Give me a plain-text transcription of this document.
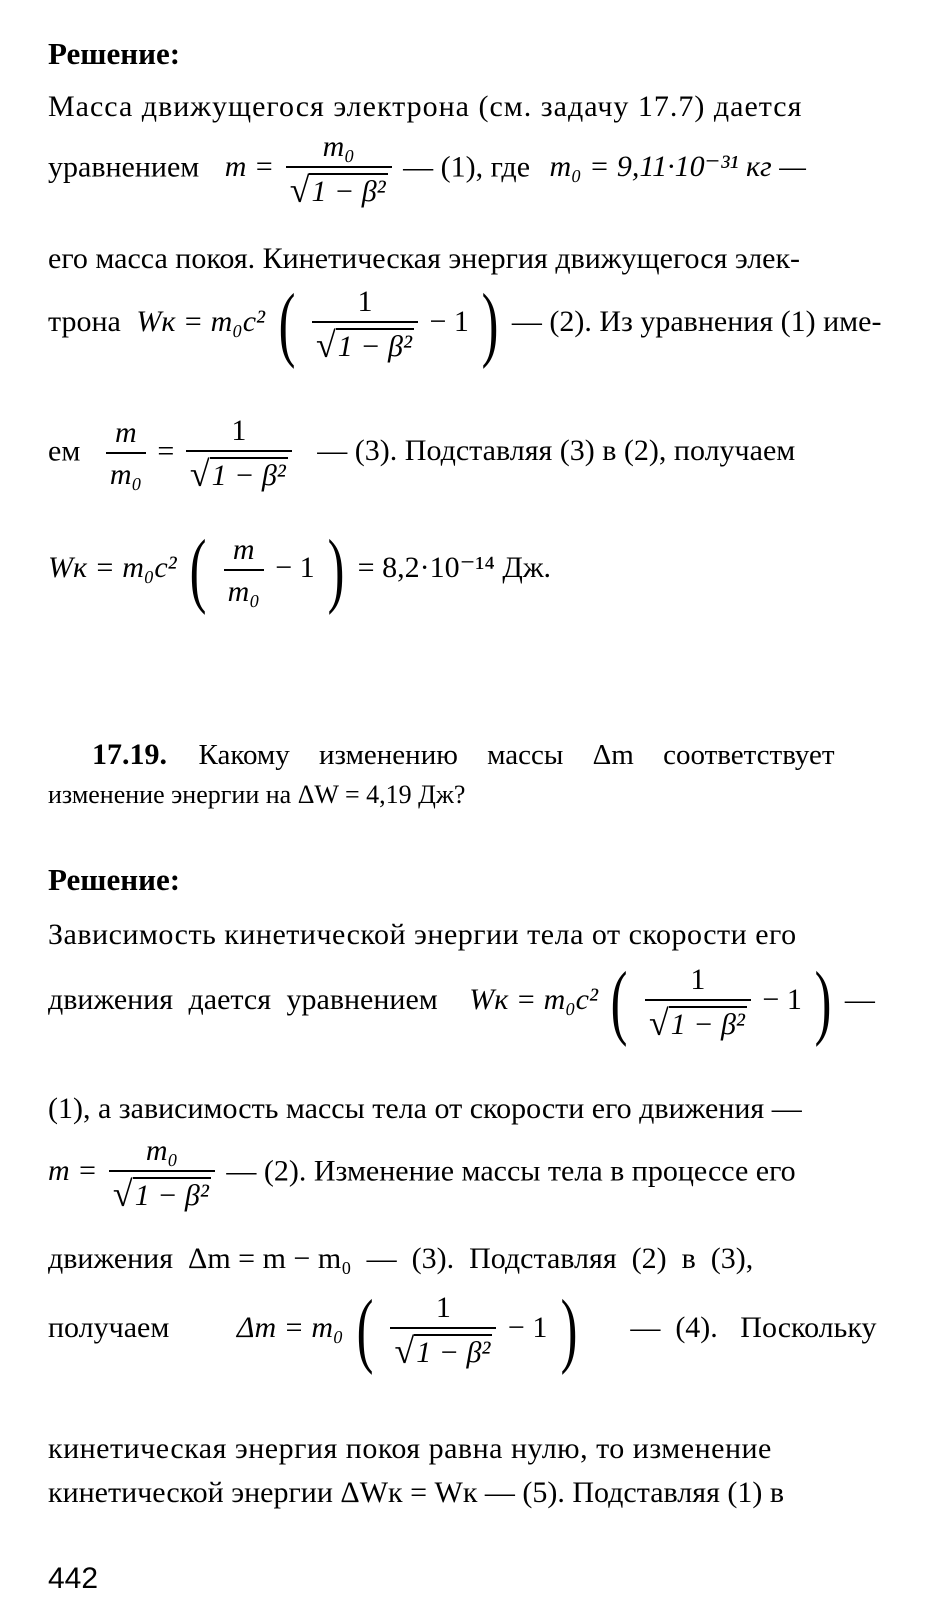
Решение:
Масса движущегося электрона (см. задачу 17.7) дается
уравнением $m = \frac{\text{m₀}}{\text{√ 1 − β²}}$ — (1), где m₀ = 9,11·10⁻³¹ кг —
его масса покоя. Кинетическая энергия движущегося элек-
трона Wк = m₀c² ( $\frac{1}{\text{√ 1 − β²}} - 1$ ) — (2). Из уравнения (1) име-
ем $\frac{m}{\text{m₀}} = \frac{1}{\text{√ 1 − β²}}$ — (3). Подставляя (3) в (2), получаем
Wк = m₀c² ( $\frac{m}{\text{m₀}} - 1$ ) = 8,2·10⁻¹⁴ Дж.
17.19. Какому изменению массы Δm соответствует
изменение энергии на ΔW = 4,19 Дж?
Решение:
Зависимость кинетической энергии тела от скорости его
движения дается уравнением Wк = m₀c² ( $\frac{1}{\text{√ 1 − β²}} - 1$ ) —
(1), а зависимость массы тела от скорости его движения —
$m = \frac{\text{m₀}}{\text{√ 1 − β²}}$ — (2). Изменение массы тела в процессе его
движения  Δm = m − m₀  —  (3).  Подставляя  (2)  в  (3),
получаем Δm = m₀ ( $\frac{1}{\text{√ 1 − β²}} - 1$ ) —  (4).   Поскольку
кинетическая энергия покоя равна нулю, то изменение
кинетической энергии ΔWк = Wк — (5). Подставляя (1) в
442
